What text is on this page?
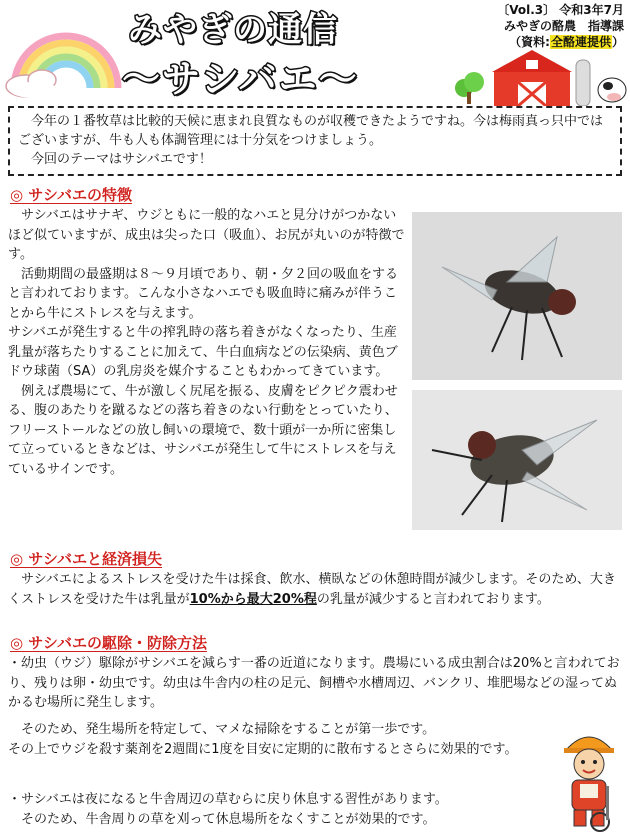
みやぎの通信
〜サシバエ〜
〔Vol.3〕 令和3年7月
みやぎの酪農　指導課
（資料:全酪連提供）

今年の１番牧草は比較的天候に恵まれ良質なものが収穫できたようですね。今は梅雨真っ只中ではございますが、牛も人も体調管理には十分気をつけましょう。

今回のテーマはサシバエです！

◎ サシバエの特徴

サシバエはサナギ、ウジともに一般的なハエと見分けがつかないほど似ていますが、成虫は尖った口（吸血）、お尻が丸いのが特徴です。

活動期間の最盛期は８〜９月頃であり、朝・夕２回の吸血をすると言われております。こんな小さなハエでも吸血時に痛みが伴うことから牛にストレスを与えます。

サシバエが発生すると牛の搾乳時の落ち着きがなくなったり、生産乳量が落ちたりすることに加えて、牛白血病などの伝染病、黄色ブドウ球菌（SA）の乳房炎を媒介することもわかってきています。

例えば農場にて、牛が激しく尻尾を振る、皮膚をピクピク震わせる、腹のあたりを蹴るなどの落ち着きのない行動をとっていたり、フリーストールなどの放し飼いの環境で、数十頭が一か所に密集して立っているときなどは、サシバエが発生して牛にストレスを与えているサインです。

◎ サシバエと経済損失

サシバエによるストレスを受けた牛は採食、飲水、横臥などの休憩時間が減少します。そのため、大きくストレスを受けた牛は乳量が10%から最大20%程の乳量が減少すると言われております。

◎ サシバエの駆除・防除方法

・幼虫（ウジ）駆除がサシバエを減らす一番の近道になります。農場にいる成虫割合は20%と言われており、残りは卵・幼虫です。幼虫は牛舎内の柱の足元、飼槽や水槽周辺、バンクリ、堆肥場などの湿ってぬかるむ場所に発生します。

そのため、発生場所を特定して、マメな掃除をすることが第一歩です。

その上でウジを殺す薬剤を2週間に1度を目安に定期的に散布するとさらに効果的です。

・サシバエは夜になると牛舎周辺の草むらに戻り休息する習性があります。

そのため、牛舎周りの草を刈って休息場所をなくすことが効果的です。
